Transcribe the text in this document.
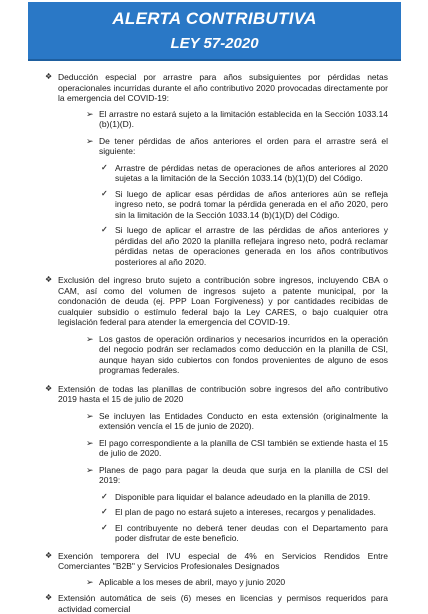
ALERTA CONTRIBUTIVA
LEY 57-2020
❖ Deducción especial por arrastre para años subsiguientes por pérdidas netas operacionales incurridas durante el año contributivo 2020 provocadas directamente por la emergencia del COVID-19:
➢ El arrastre no estará sujeto a la limitación establecida en la Sección 1033.14 (b)(1)(D).
➢ De tener pérdidas de años anteriores el orden para el arrastre será el siguiente:
✓ Arrastre de pérdidas netas de operaciones de años anteriores al 2020 sujetas a la limitación de la Sección 1033.14 (b)(1)(D) del Código.
✓ Si luego de aplicar esas pérdidas de años anteriores aún se refleja ingreso neto, se podrá tomar la pérdida generada en el año 2020, pero sin la limitación de la Sección 1033.14 (b)(1)(D) del Código.
✓ Si luego de aplicar el arrastre de las pérdidas de años anteriores y pérdidas del año 2020 la planilla reflejara ingreso neto, podrá reclamar pérdidas netas de operaciones generada en los años contributivos posteriores al año 2020.
❖ Exclusión del ingreso bruto sujeto a contribución sobre ingresos, incluyendo CBA o CAM, así como del volumen de ingresos sujeto a patente municipal, por la condonación de deuda (ej. PPP Loan Forgiveness) y por cantidades recibidas de cualquier subsidio o estímulo federal bajo la Ley CARES, o bajo cualquier otra legislación federal para atender la emergencia del COVID-19.
➢ Los gastos de operación ordinarios y necesarios incurridos en la operación del negocio podrán ser reclamados como deducción en la planilla de CSI, aunque hayan sido cubiertos con fondos provenientes de alguno de esos programas federales.
❖ Extensión de todas las planillas de contribución sobre ingresos del año contributivo 2019 hasta el 15 de julio de 2020
➢ Se incluyen las Entidades Conducto en esta extensión (originalmente la extensión vencía el 15 de junio de 2020).
➢ El pago correspondiente a la planilla de CSI también se extiende hasta el 15 de julio de 2020.
➢ Planes de pago para pagar la deuda que surja en la planilla de CSI del 2019:
✓ Disponible para liquidar el balance adeudado en la planilla de 2019.
✓ El plan de pago no estará sujeto a intereses, recargos y penalidades.
✓ El contribuyente no deberá tener deudas con el Departamento para poder disfrutar de este beneficio.
❖ Exención temporera del IVU especial de 4% en Servicios Rendidos Entre Comerciantes "B2B" y Servicios Profesionales Designados
➢ Aplicable a los meses de abril, mayo y junio 2020
❖ Extensión automática de seis (6) meses en licencias y permisos requeridos para actividad comercial
